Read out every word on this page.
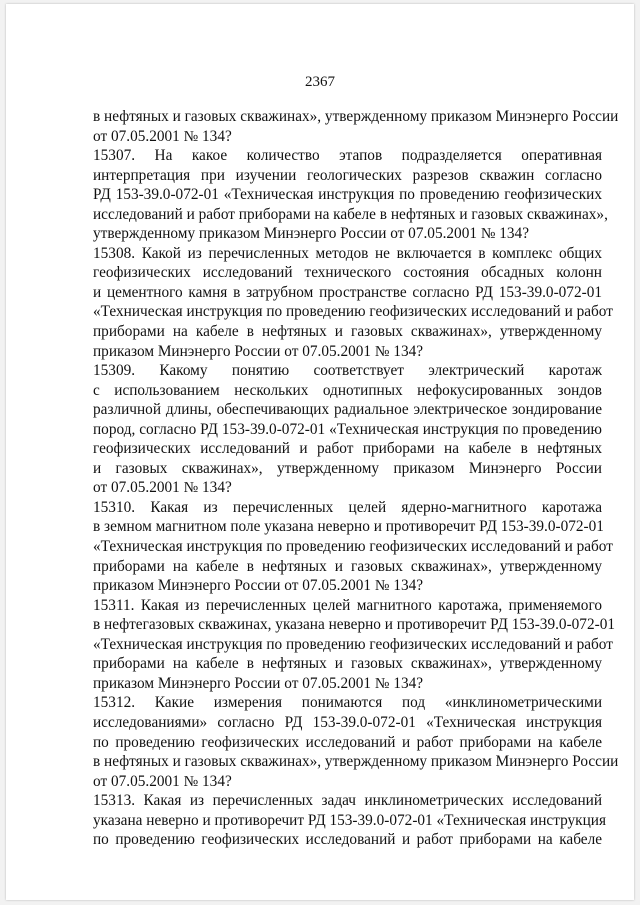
2367
в нефтяных и газовых скважинах», утвержденному приказом Минэнерго России
от 07.05.2001 № 134?
15307. На какое количество этапов подразделяется оперативная
интерпретация при изучении геологических разрезов скважин согласно
РД 153-39.0-072-01 «Техническая инструкция по проведению геофизических
исследований и работ приборами на кабеле в нефтяных и газовых скважинах»,
утвержденному приказом Минэнерго России от 07.05.2001 № 134?
15308. Какой из перечисленных методов не включается в комплекс общих
геофизических исследований технического состояния обсадных колонн
и цементного камня в затрубном пространстве согласно РД 153-39.0-072-01
«Техническая инструкция по проведению геофизических исследований и работ
приборами на кабеле в нефтяных и газовых скважинах», утвержденному
приказом Минэнерго России от 07.05.2001 № 134?
15309. Какому понятию соответствует электрический каротаж
с использованием нескольких однотипных нефокусированных зондов
различной длины, обеспечивающих радиальное электрическое зондирование
пород, согласно РД 153-39.0-072-01 «Техническая инструкция по проведению
геофизических исследований и работ приборами на кабеле в нефтяных
и газовых скважинах», утвержденному приказом Минэнерго России
от 07.05.2001 № 134?
15310. Какая из перечисленных целей ядерно-магнитного каротажа
в земном магнитном поле указана неверно и противоречит РД 153-39.0-072-01
«Техническая инструкция по проведению геофизических исследований и работ
приборами на кабеле в нефтяных и газовых скважинах», утвержденному
приказом Минэнерго России от 07.05.2001 № 134?
15311. Какая из перечисленных целей магнитного каротажа, применяемого
в нефтегазовых скважинах, указана неверно и противоречит РД 153-39.0-072-01
«Техническая инструкция по проведению геофизических исследований и работ
приборами на кабеле в нефтяных и газовых скважинах», утвержденному
приказом Минэнерго России от 07.05.2001 № 134?
15312. Какие измерения понимаются под «инклинометрическими
исследованиями» согласно РД 153-39.0-072-01 «Техническая инструкция
по проведению геофизических исследований и работ приборами на кабеле
в нефтяных и газовых скважинах», утвержденному приказом Минэнерго России
от 07.05.2001 № 134?
15313. Какая из перечисленных задач инклинометрических исследований
указана неверно и противоречит РД 153-39.0-072-01 «Техническая инструкция
по проведению геофизических исследований и работ приборами на кабеле
